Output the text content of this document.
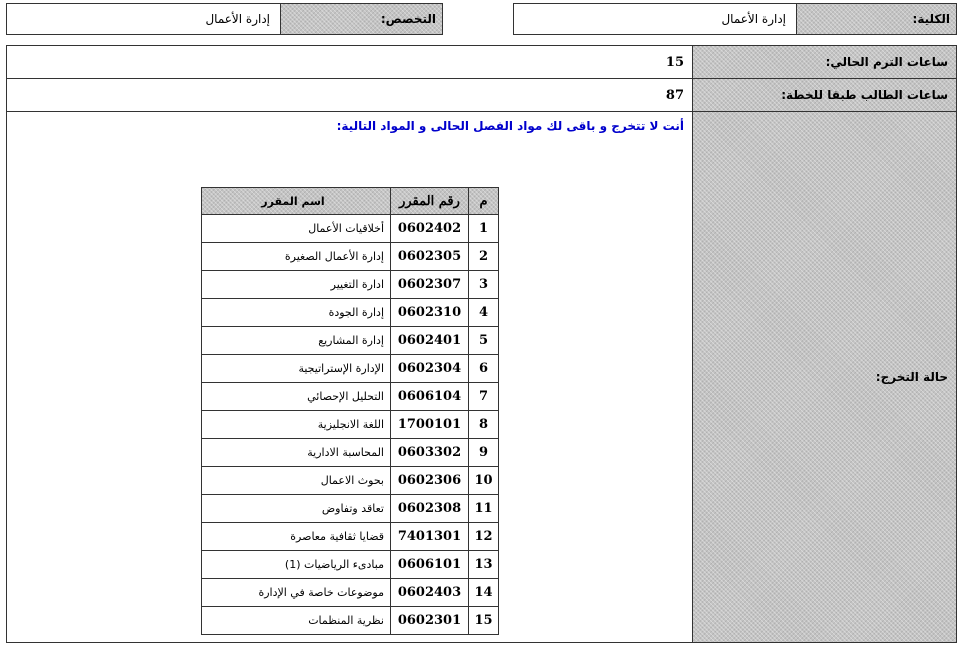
الكلية:
إدارة الأعمال
التخصص:
إدارة الأعمال
ساعات الترم الحالي:
15
ساعات الطالب طبقا للخطة:
87
حالة التخرج:
أنت لا تتخرج و باقى لك مواد الفصل الحالى و المواد التالية:
م	رقم المقرر	اسم المقرر
1	0602402	أخلاقيات الأعمال
2	0602305	إدارة الأعمال الصغيرة
3	0602307	ادارة التغيير
4	0602310	إدارة الجودة
5	0602401	إدارة المشاريع
6	0602304	الإدارة الإستراتيجية
7	0606104	التحليل الإحصائي
8	1700101	اللغة الانجليزية
9	0603302	المحاسبة الادارية
10	0602306	بحوث الاعمال
11	0602308	تعاقد وتفاوض
12	7401301	قضايا ثقافية معاصرة
13	0606101	مبادىء الرياضيات (1)
14	0602403	موضوعات خاصة في الإدارة
15	0602301	نظرية المنظمات
